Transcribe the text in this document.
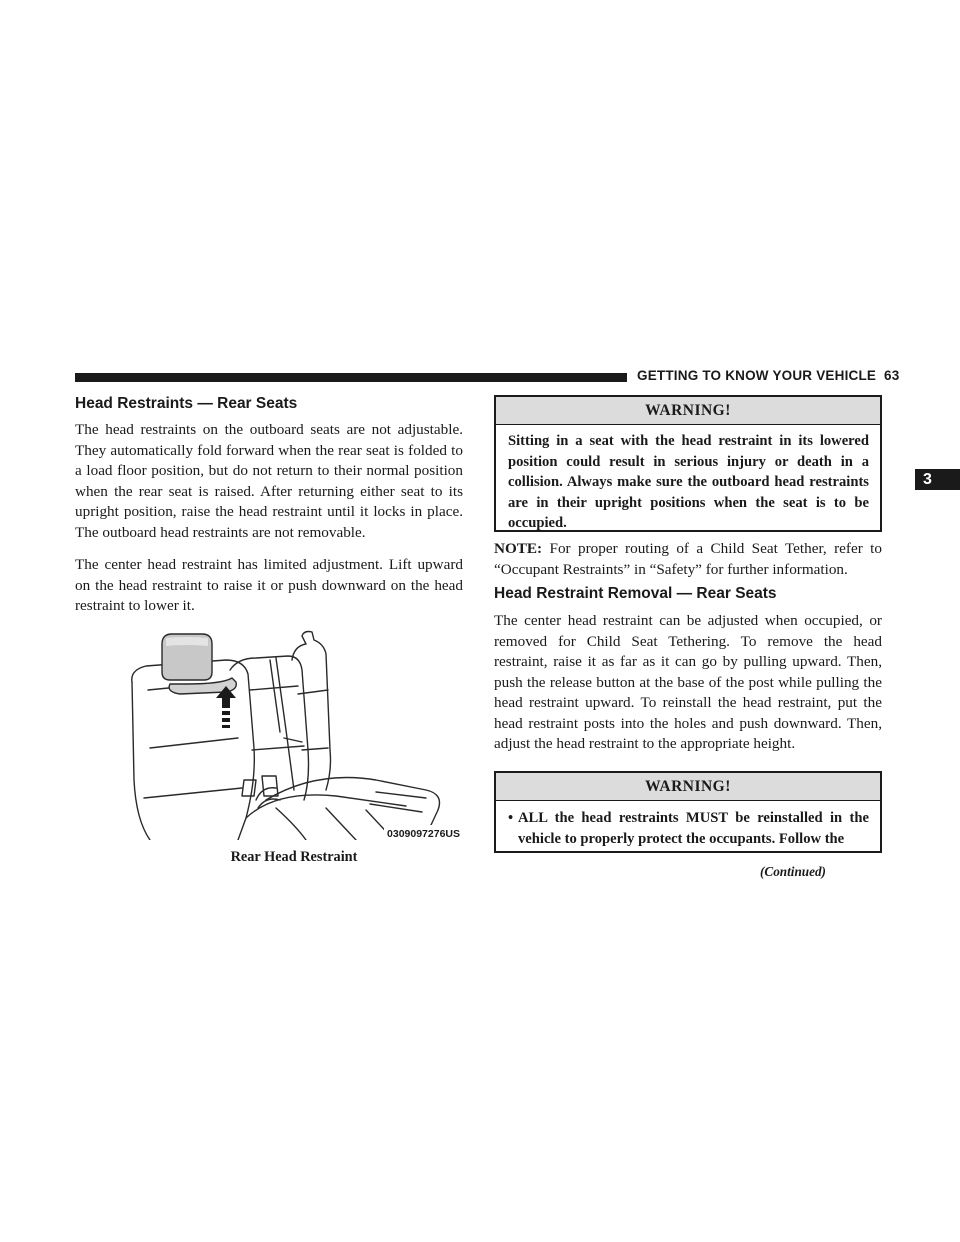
GETTING TO KNOW YOUR VEHICLE 63
3
Head Restraints — Rear Seats

The head restraints on the outboard seats are not adjustable. They automatically fold forward when the rear seat is folded to a load floor position, but do not return to their normal position when the rear seat is raised. After returning either seat to its upright position, raise the head restraint until it locks in place. The outboard head restraints are not removable.

The center head restraint has limited adjustment. Lift upward on the head restraint to raise it or push downward on the head restraint to lower it.

0309097276US
Rear Head Restraint
WARNING!
Sitting in a seat with the head restraint in its lowered position could result in serious injury or death in a collision. Always make sure the outboard head restraints are in their upright positions when the seat is to be occupied.

NOTE: For proper routing of a Child Seat Tether, refer to “Occupant Restraints” in “Safety” for further information.

Head Restraint Removal — Rear Seats

The center head restraint can be adjusted when occupied, or removed for Child Seat Tethering. To remove the head restraint, raise it as far as it can go by pulling upward. Then, push the release button at the base of the post while pulling the head restraint upward. To reinstall the head restraint, put the head restraint posts into the holes and push downward. Then, adjust the head restraint to the appropriate height.

WARNING!
• ALL the head restraints MUST be reinstalled in the vehicle to properly protect the occupants. Follow the
(Continued)
